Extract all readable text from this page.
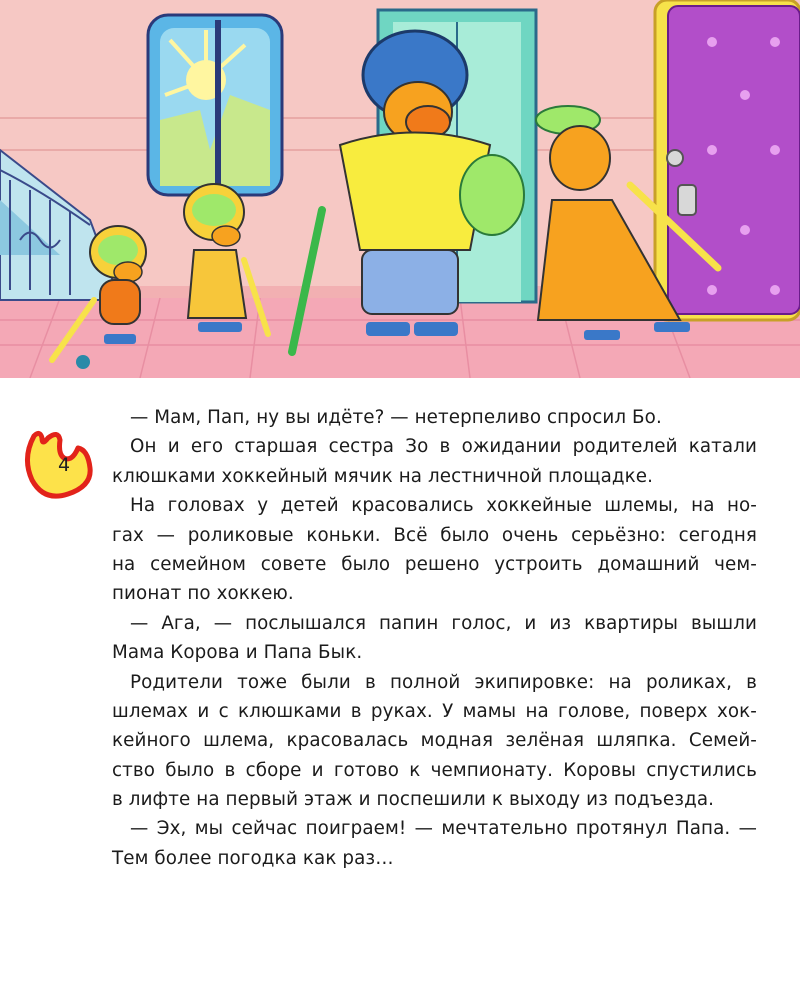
4
— Мам, Пап, ну вы идёте? — нетерпеливо спросил Бо.
Он и его старшая сестра Зо в ожидании родителей катали
клюшками хоккейный мячик на лестничной площадке.
На головах у детей красовались хоккейные шлемы, на но-
гах — роликовые коньки. Всё было очень серьёзно: сегодня
на семейном совете было решено устроить домашний чем-
пионат по хоккею.
— Ага, — послышался папин голос, и из квартиры вышли
Мама Корова и Папа Бык.
Родители тоже были в полной экипировке: на роликах, в
шлемах и с клюшками в руках. У мамы на голове, поверх хок-
кейного шлема, красовалась модная зелёная шляпка. Семей-
ство было в сборе и готово к чемпионату. Коровы спустились
в лифте на первый этаж и поспешили к выходу из подъезда.
— Эх, мы сейчас поиграем! — мечтательно протянул Папа. —
Тем более погодка как раз…
